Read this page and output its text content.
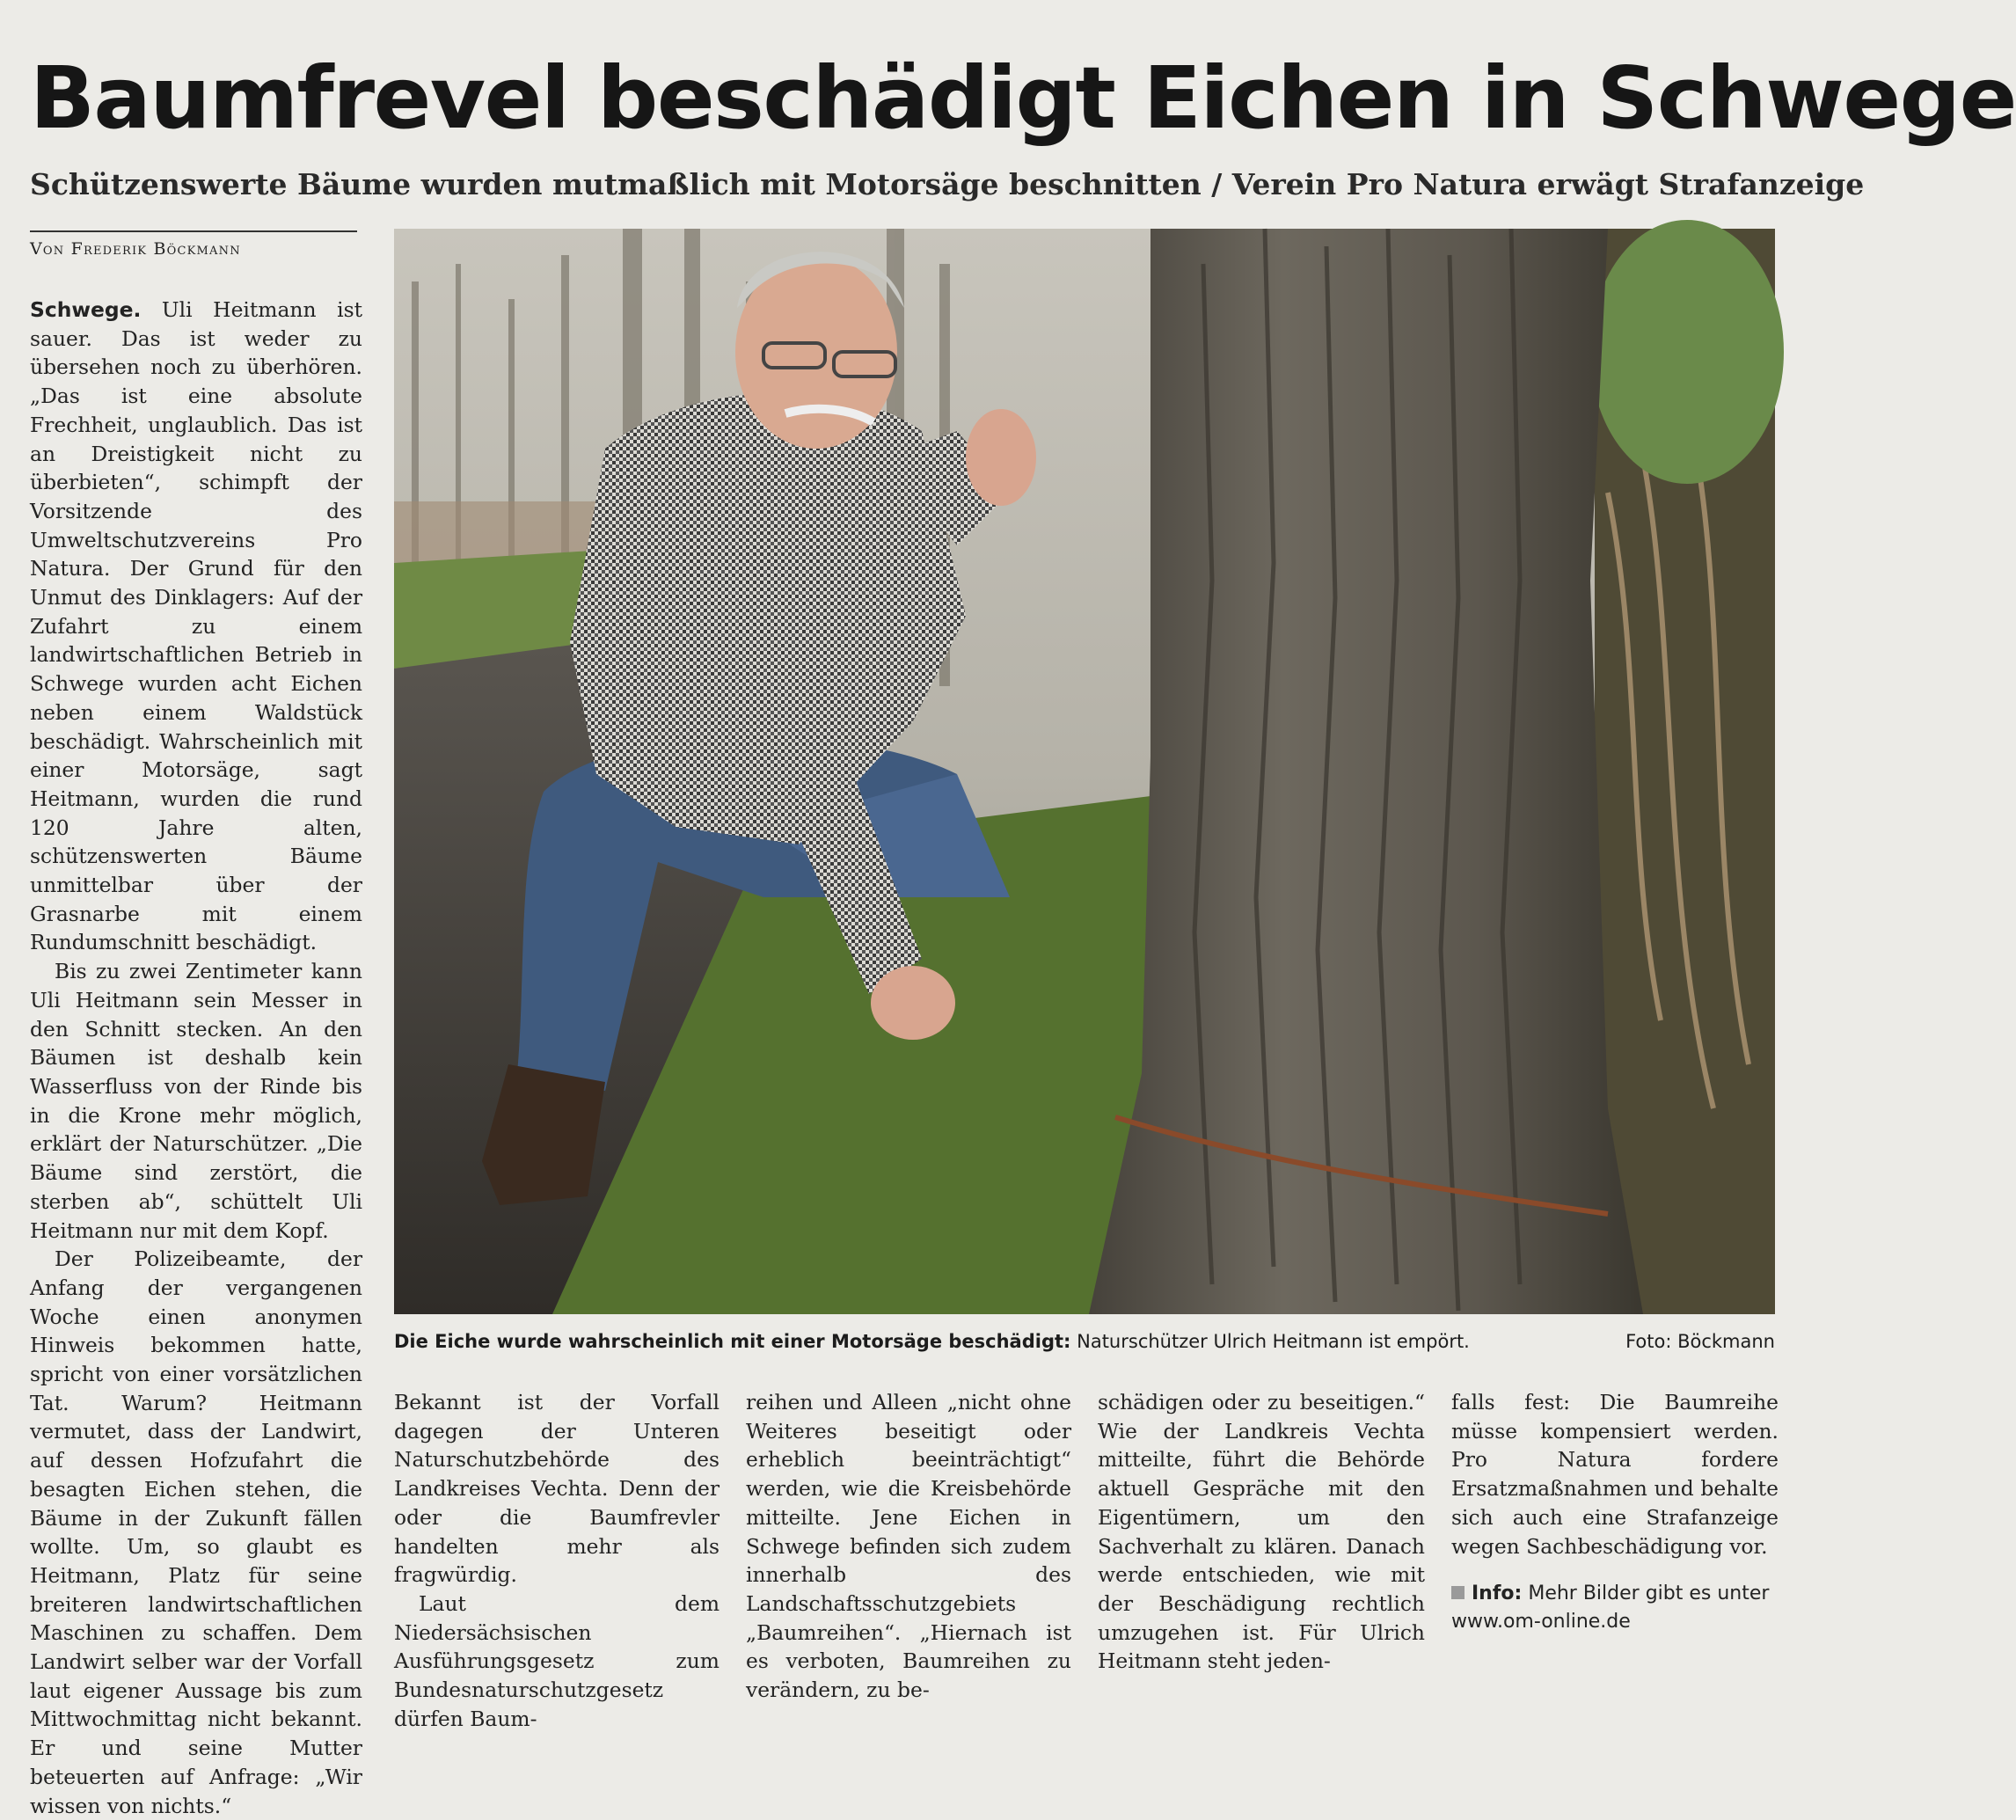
Baumfrevel beschädigt Eichen in Schwege
Schützenswerte Bäume wurden mutmaßlich mit Motorsäge beschnitten / Verein Pro Natura erwägt Strafanzeige
Von Frederik Böckmann

Schwege. Uli Heitmann ist sauer. Das ist weder zu übersehen noch zu überhören. „Das ist eine absolute Frechheit, unglaublich. Das ist an Dreistigkeit nicht zu überbieten“, schimpft der Vorsitzende des Umweltschutzvereins Pro Natura. Der Grund für den Unmut des Dinklagers: Auf der Zufahrt zu einem landwirtschaftlichen Betrieb in Schwege wurden acht Eichen neben einem Waldstück beschädigt. Wahrscheinlich mit einer Motorsäge, sagt Heitmann, wurden die rund 120 Jahre alten, schützenswerten Bäume unmittelbar über der Grasnarbe mit einem Rundumschnitt beschädigt.

Bis zu zwei Zentimeter kann Uli Heitmann sein Messer in den Schnitt stecken. An den Bäumen ist deshalb kein Wasserfluss von der Rinde bis in die Krone mehr möglich, erklärt der Naturschützer. „Die Bäume sind zerstört, die sterben ab“, schüttelt Uli Heitmann nur mit dem Kopf.

Der Polizeibeamte, der Anfang der vergangenen Woche einen anonymen Hinweis bekommen hatte, spricht von einer vorsätzlichen Tat. Warum? Heitmann vermutet, dass der Landwirt, auf dessen Hofzufahrt die besagten Eichen stehen, die Bäume in der Zukunft fällen wollte. Um, so glaubt es Heitmann, Platz für seine breiteren landwirtschaftlichen Maschinen zu schaffen. Dem Landwirt selber war der Vorfall laut eigener Aussage bis zum Mittwochmittag nicht bekannt. Er und seine Mutter beteuerten auf Anfrage: „Wir wissen von nichts.“

Die Eiche wurde wahrscheinlich mit einer Motorsäge beschädigt: Naturschützer Ulrich Heitmann ist empört.	Foto: Böckmann

Bekannt ist der Vorfall dagegen der Unteren Naturschutzbehörde des Landkreises Vechta. Denn der oder die Baumfrevler handelten mehr als fragwürdig.

Laut dem Niedersächsischen Ausführungsgesetz zum Bundesnaturschutzgesetz dürfen Baum-

reihen und Alleen „nicht ohne Weiteres beseitigt oder erheblich beeinträchtigt“ werden, wie die Kreisbehörde mitteilte. Jene Eichen in Schwege befinden sich zudem innerhalb des Landschaftsschutzgebiets „Baumreihen“. „Hiernach ist es verboten, Baumreihen zu verändern, zu be-

schädigen oder zu beseitigen.“ Wie der Landkreis Vechta mitteilte, führt die Behörde aktuell Gespräche mit den Eigentümern, um den Sachverhalt zu klären. Danach werde entschieden, wie mit der Beschädigung rechtlich umzugehen ist. Für Ulrich Heitmann steht jeden-

falls fest: Die Baumreihe müsse kompensiert werden. Pro Natura fordere Ersatzmaßnahmen und behalte sich auch eine Strafanzeige wegen Sachbeschädigung vor.

Info: Mehr Bilder gibt es unter www.om-online.de
